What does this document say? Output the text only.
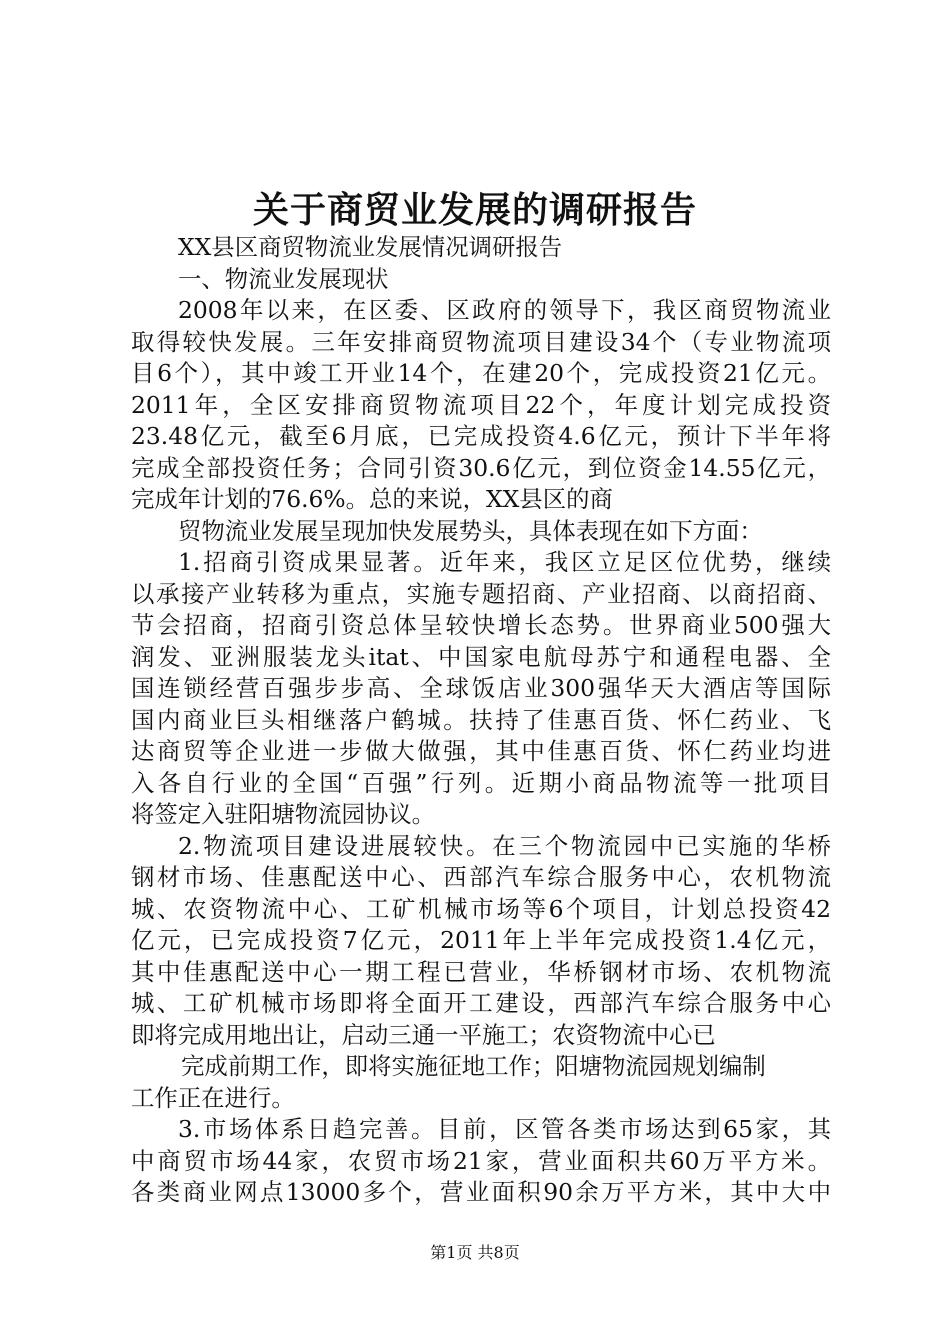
关于商贸业发展的调研报告
XX县区商贸物流业发展情况调研报告
一、物流业发展现状
2008年以来，在区委、区政府的领导下，我区商贸物流业
取得较快发展。三年安排商贸物流项目建设34个（专业物流项
目6个），其中竣工开业14个，在建20个，完成投资21亿元。
2011年，全区安排商贸物流项目22个，年度计划完成投资
23.48亿元，截至6月底，已完成投资4.6亿元，预计下半年将
完成全部投资任务；合同引资30.6亿元，到位资金14.55亿元，
完成年计划的76.6%。总的来说，XX县区的商
贸物流业发展呈现加快发展势头，具体表现在如下方面：
1.招商引资成果显著。近年来，我区立足区位优势，继续
以承接产业转移为重点，实施专题招商、产业招商、以商招商、
节会招商，招商引资总体呈较快增长态势。世界商业500强大
润发、亚洲服装龙头itat、中国家电航母苏宁和通程电器、全
国连锁经营百强步步高、全球饭店业300强华天大酒店等国际
国内商业巨头相继落户鹤城。扶持了佳惠百货、怀仁药业、飞
达商贸等企业进一步做大做强，其中佳惠百货、怀仁药业均进
入各自行业的全国“百强”行列。近期小商品物流等一批项目
将签定入驻阳塘物流园协议。
2.物流项目建设进展较快。在三个物流园中已实施的华桥
钢材市场、佳惠配送中心、西部汽车综合服务中心，农机物流
城、农资物流中心、工矿机械市场等6个项目，计划总投资42
亿元，已完成投资7亿元，2011年上半年完成投资1.4亿元，
其中佳惠配送中心一期工程已营业，华桥钢材市场、农机物流
城、工矿机械市场即将全面开工建设，西部汽车综合服务中心
即将完成用地出让，启动三通一平施工；农资物流中心已
完成前期工作，即将实施征地工作；阳塘物流园规划编制
工作正在进行。
3.市场体系日趋完善。目前，区管各类市场达到65家，其
中商贸市场44家，农贸市场21家，营业面积共60万平方米。
各类商业网点13000多个，营业面积90余万平方米，其中大中
第1页 共8页
